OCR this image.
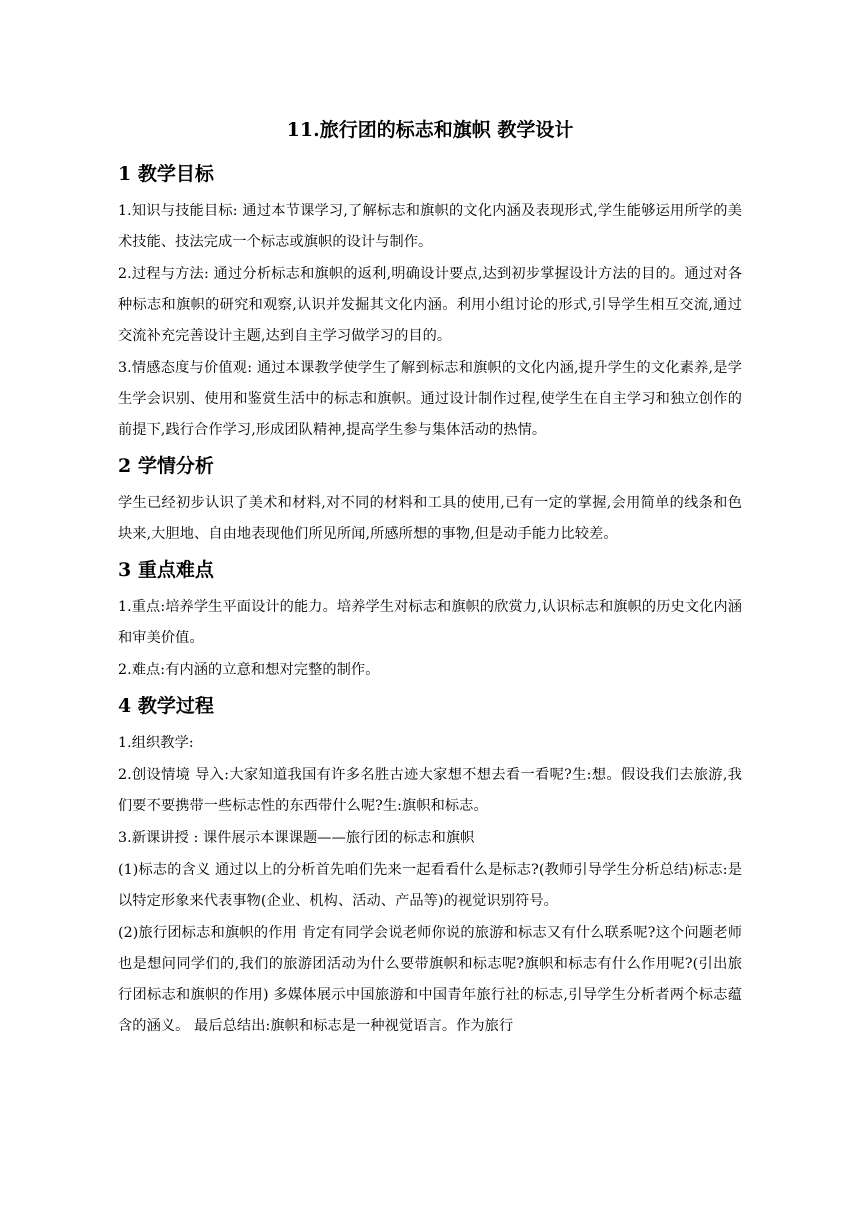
11.旅行团的标志和旗帜 教学设计
1 教学目标
1.知识与技能目标: 通过本节课学习,了解标志和旗帜的文化内涵及表现形式,学生能够运用所学的美术技能、技法完成一个标志或旗帜的设计与制作。
2.过程与方法: 通过分析标志和旗帜的返利,明确设计要点,达到初步掌握设计方法的目的。通过对各种标志和旗帜的研究和观察,认识并发掘其文化内涵。利用小组讨论的形式,引导学生相互交流,通过交流补充完善设计主题,达到自主学习做学习的目的。
3.情感态度与价值观: 通过本课教学使学生了解到标志和旗帜的文化内涵,提升学生的文化素养,是学生学会识别、使用和鉴赏生活中的标志和旗帜。通过设计制作过程,使学生在自主学习和独立创作的前提下,践行合作学习,形成团队精神,提高学生参与集体活动的热情。
2 学情分析
学生已经初步认识了美术和材料,对不同的材料和工具的使用,已有一定的掌握,会用简单的线条和色块来,大胆地、自由地表现他们所见所闻,所感所想的事物,但是动手能力比较差。
3 重点难点
1.重点:培养学生平面设计的能力。培养学生对标志和旗帜的欣赏力,认识标志和旗帜的历史文化内涵和审美价值。
2.难点:有内涵的立意和想对完整的制作。
4 教学过程
1.组织教学:
2.创设情境 导入:大家知道我国有许多名胜古迹大家想不想去看一看呢?生:想。假设我们去旅游,我们要不要携带一些标志性的东西带什么呢?生:旗帜和标志。
3.新课讲授 : 课件展示本课课题——旅行团的标志和旗帜
(1)标志的含义 通过以上的分析首先咱们先来一起看看什么是标志?(教师引导学生分析总结)标志:是以特定形象来代表事物(企业、机构、活动、产品等)的视觉识别符号。
(2)旅行团标志和旗帜的作用 肯定有同学会说老师你说的旅游和标志又有什么联系呢?这个问题老师也是想问同学们的,我们的旅游团活动为什么要带旗帜和标志呢?旗帜和标志有什么作用呢?(引出旅行团标志和旗帜的作用) 多媒体展示中国旅游和中国青年旅行社的标志,引导学生分析者两个标志蕴含的涵义。 最后总结出:旗帜和标志是一种视觉语言。作为旅行
